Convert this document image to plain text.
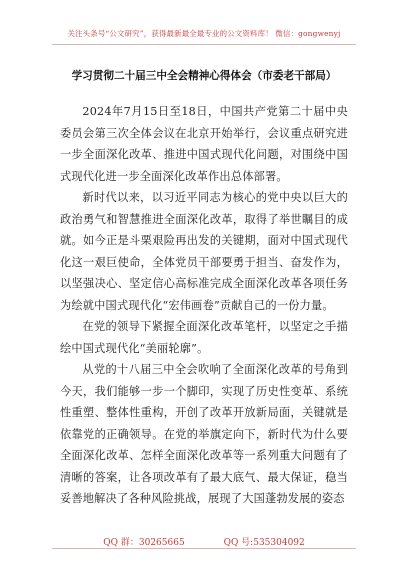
关注头条号“公文研究”，获得最新最全最专业的公文资料库！ 微信：gongwenyj
学习贯彻二十届三中全会精神心得体会（市委老干部局）

2024年7月15日至18日，中国共产党第二十届中央委员会第三次全体会议在北京开始举行，会议重点研究进一步全面深化改革、推进中国式现代化问题，对围绕中国式现代化进一步全面深化改革作出总体部署。

新时代以来，以习近平同志为核心的党中央以巨大的政治勇气和智慧推进全面深化改革，取得了举世瞩目的成就。如今正是斗栗艰险再出发的关键期，面对中国式现代化这一艰巨使命，全体党员干部要勇于担当、奋发作为，以坚强决心、坚定信心高标准完成全面深化改革各项任务为绘就中国式现代化“宏伟画卷”贡献自己的一份力量。

在党的领导下紧握全面深化改革笔杆，以坚定之手描绘中国式现代化“美丽轮廓”。

从党的十八届三中全会吹响了全面深化改革的号角到今天，我们能够一步一个脚印，实现了历史性变革、系统性重塑、整体性重构，开创了改革开放新局面，关键就是依靠党的正确领导。在党的举旗定向下，新时代为什么要全面深化改革、怎样全面深化改革等一系列重大问题有了清晰的答案，让各项改革有了最大底气、最大保证，稳当妥善地解决了各种风险挑战，展现了大国蓬勃发展的姿态

QQ 群：30265665	QQ 号:535304092
